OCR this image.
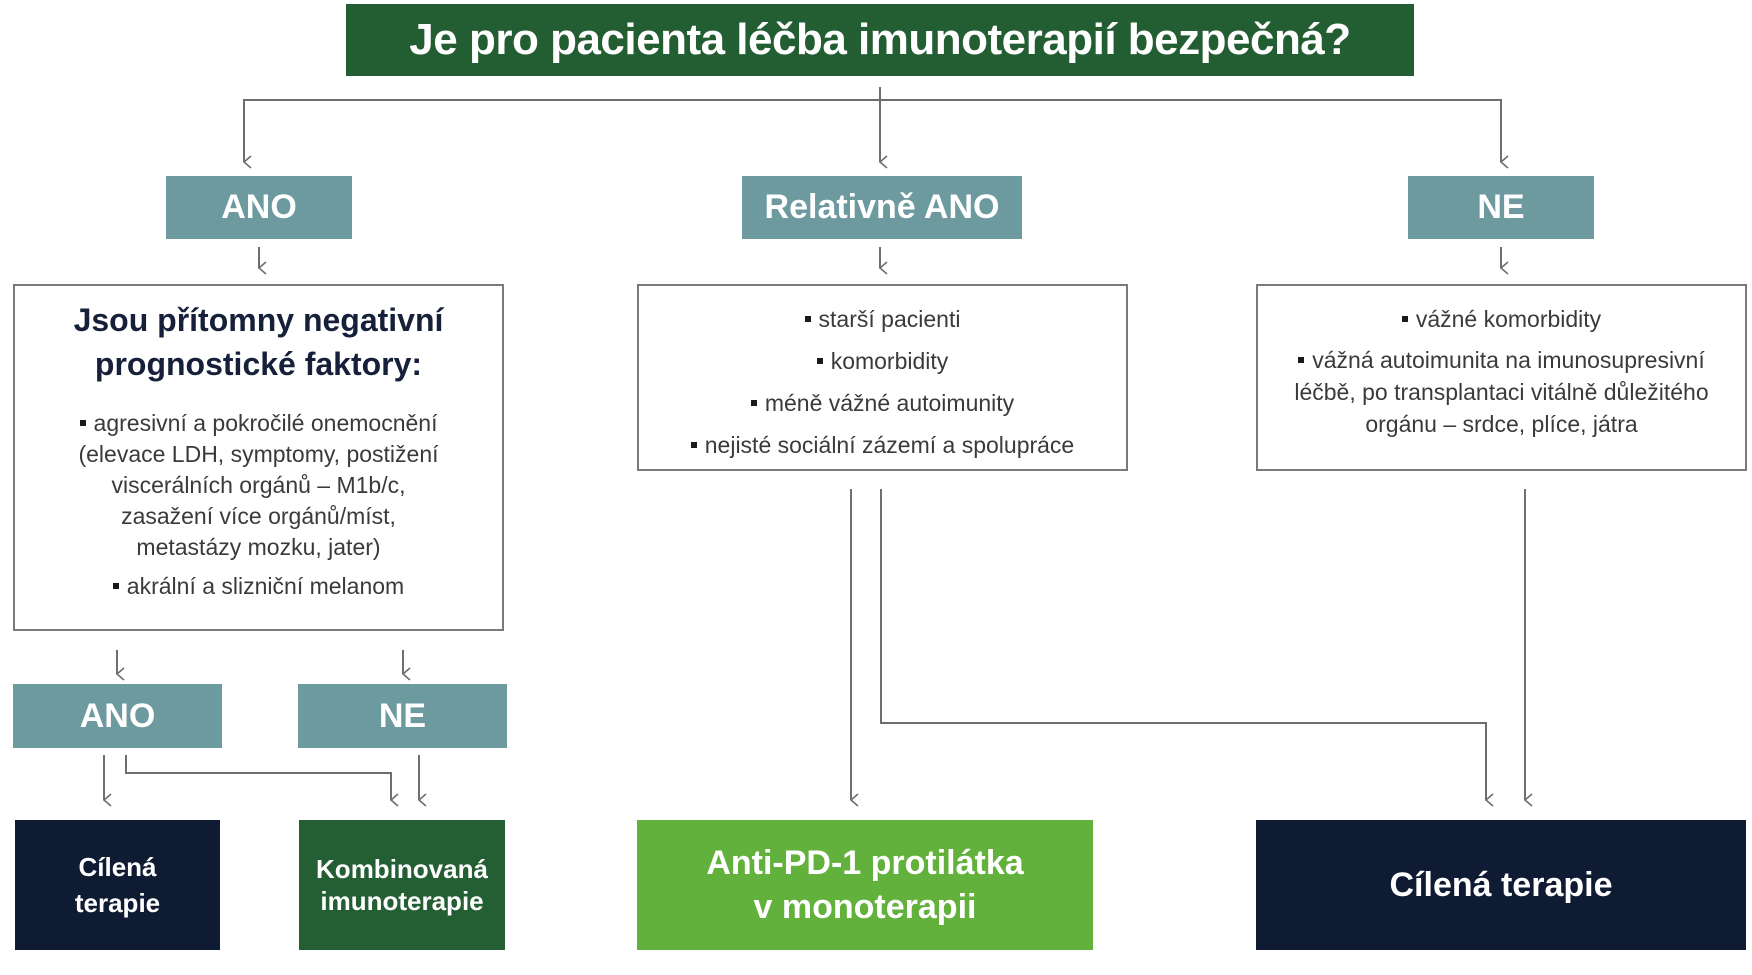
Je pro pacienta léčba imunoterapií bezpečná?
ANO	Relativně ANO	NE
Jsou přítomny negativní
prognostické faktory:
agresivní a pokročilé onemocnění
(elevace LDH, symptomy, postižení
viscerálních orgánů – M1b/c,
zasažení více orgánů/míst,
metastázy mozku, jater)
akrální a slizniční melanom
starší pacienti
komorbidity
méně vážné autoimunity
nejisté sociální zázemí a spolupráce
vážné komorbidity
vážná autoimunita na imunosupresivní
léčbě, po transplantaci vitálně důležitého
orgánu – srdce, plíce, játra
ANO	NE
Cílená
terapie
Kombinovaná
imunoterapie
Anti-PD-1 protilátka
v monoterapii
Cílená terapie
